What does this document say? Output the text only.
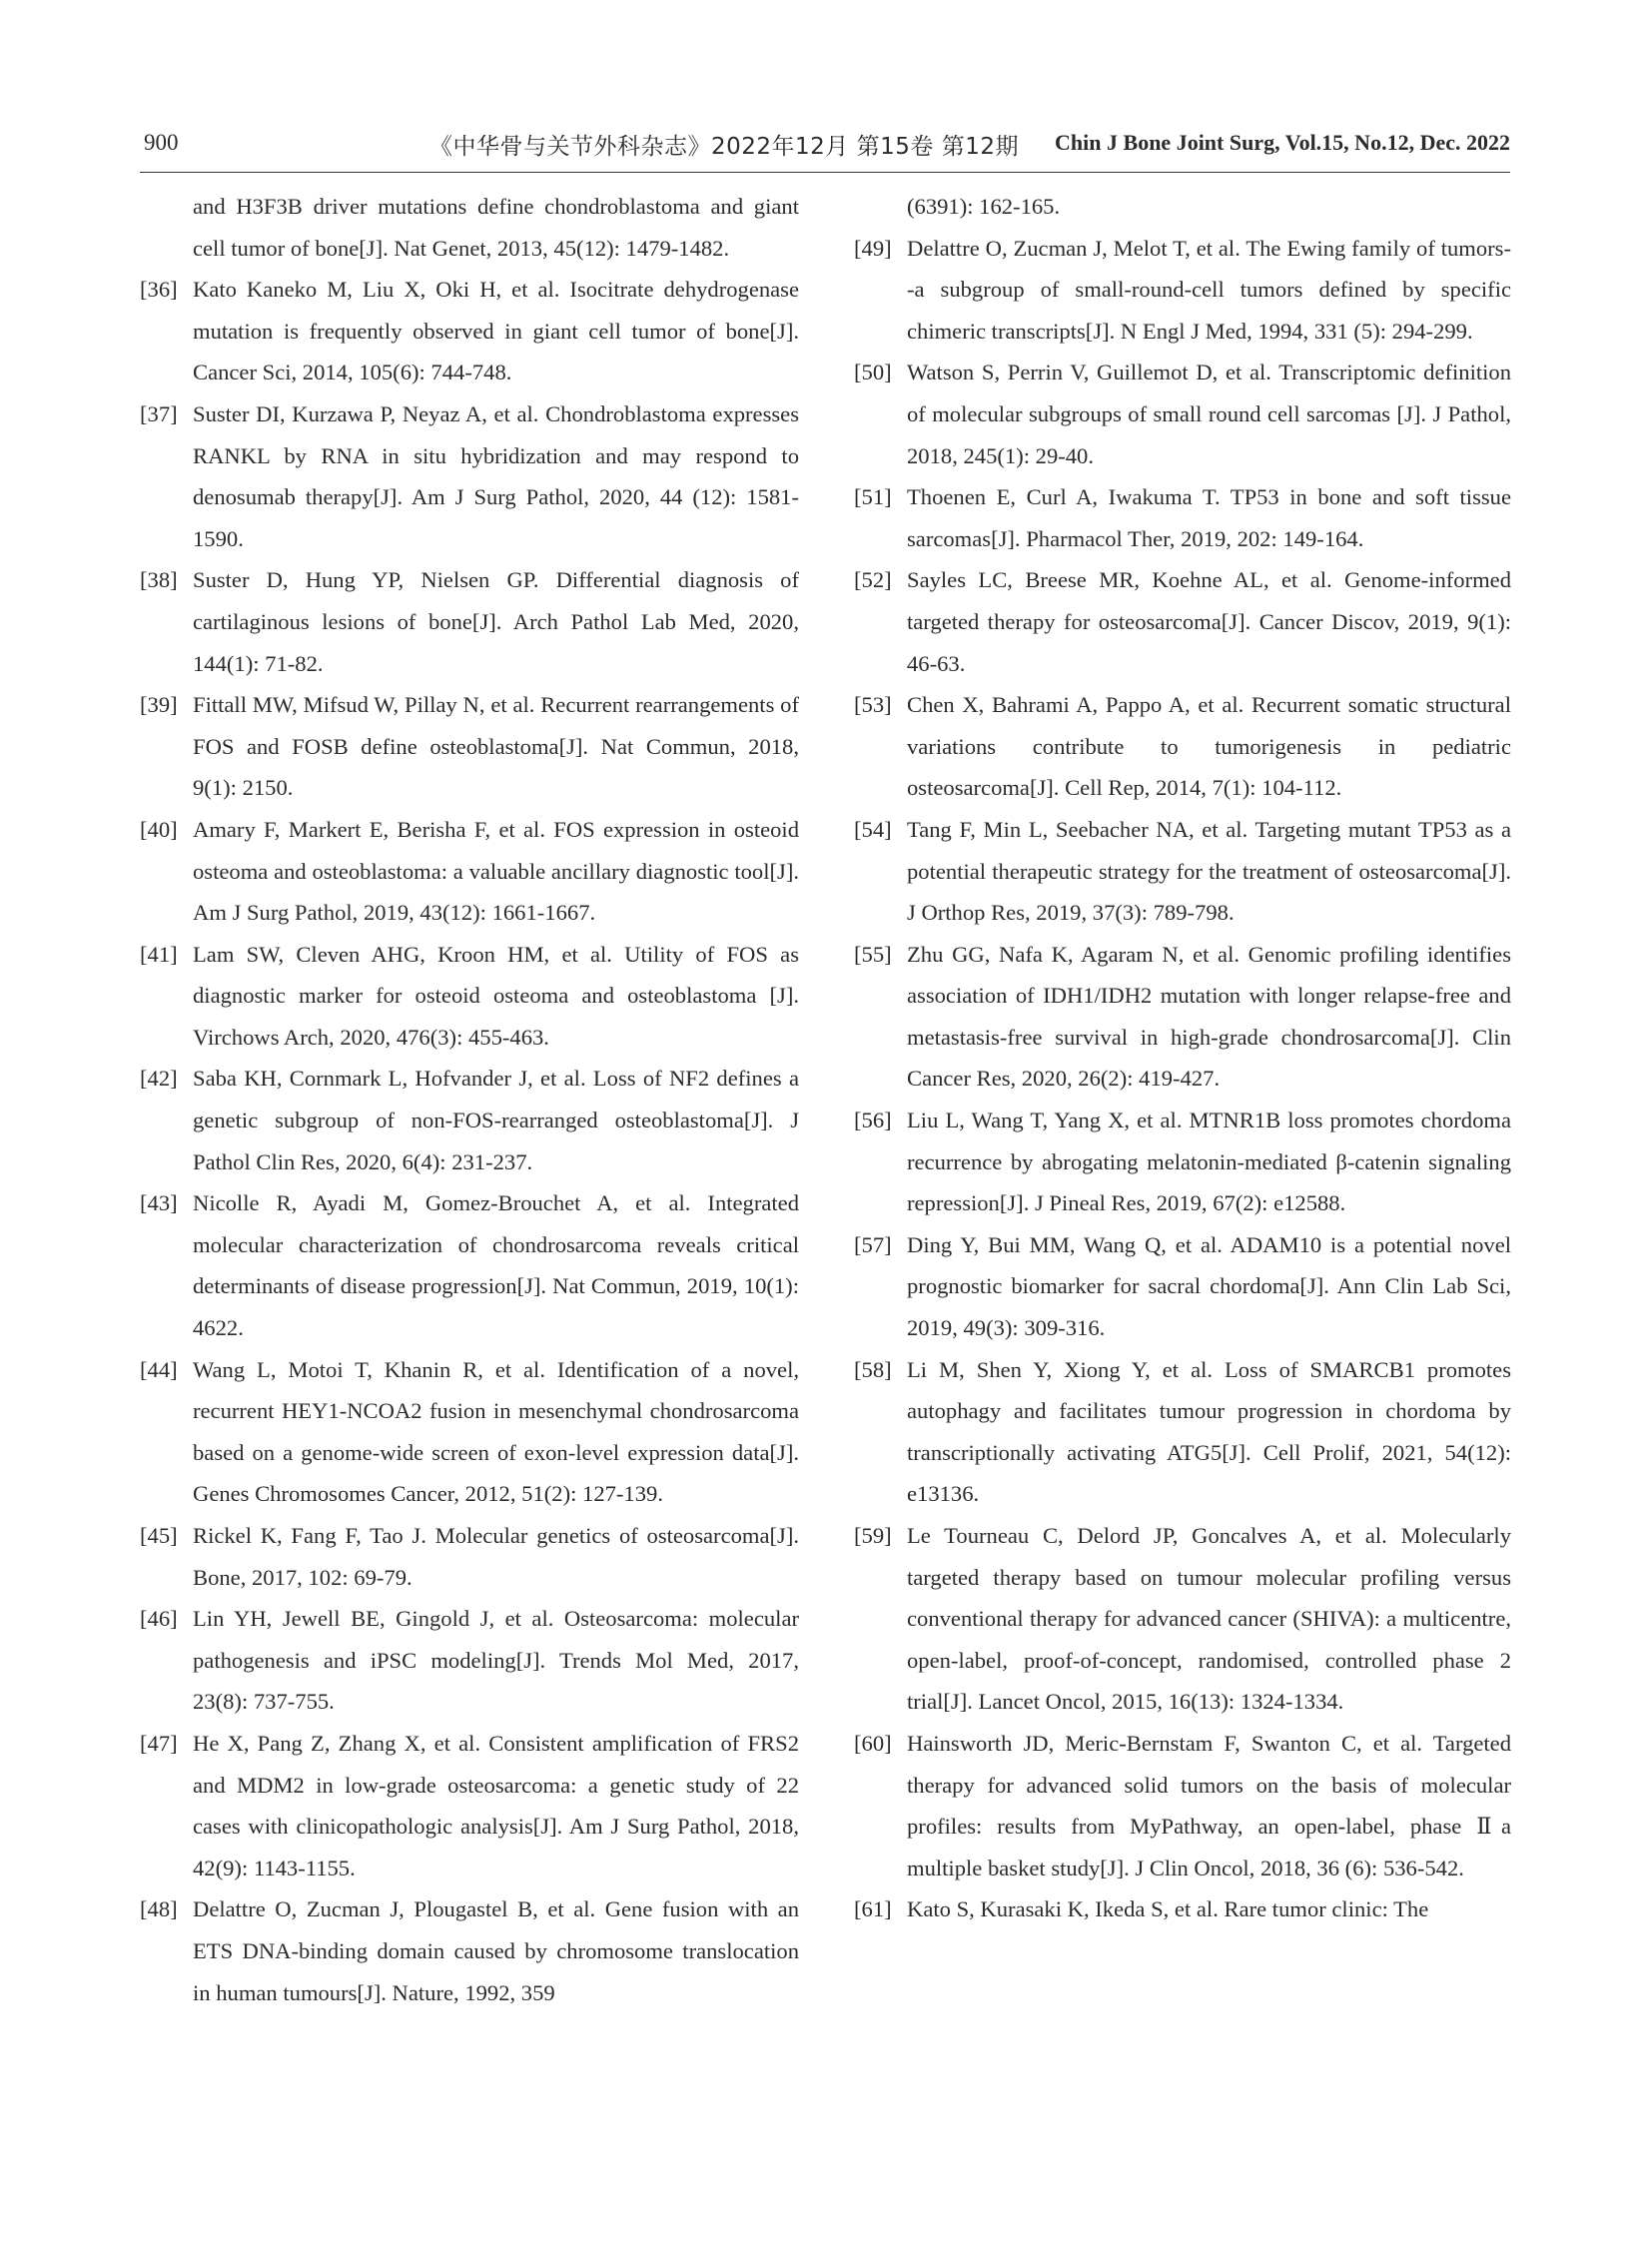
900	《中华骨与关节外科杂志》2022年12月 第15卷 第12期 Chin J Bone Joint Surg, Vol.15, No.12, Dec. 2022
and H3F3B driver mutations define chondroblastoma and giant cell tumor of bone[J]. Nat Genet, 2013, 45(12): 1479-1482.
[36] Kato Kaneko M, Liu X, Oki H, et al. Isocitrate dehydrogenase mutation is frequently observed in giant cell tumor of bone[J]. Cancer Sci, 2014, 105(6): 744-748.
[37] Suster DI, Kurzawa P, Neyaz A, et al. Chondroblastoma expresses RANKL by RNA in situ hybridization and may respond to denosumab therapy[J]. Am J Surg Pathol, 2020, 44 (12): 1581-1590.
[38] Suster D, Hung YP, Nielsen GP. Differential diagnosis of cartilaginous lesions of bone[J]. Arch Pathol Lab Med, 2020, 144(1): 71-82.
[39] Fittall MW, Mifsud W, Pillay N, et al. Recurrent rearrangements of FOS and FOSB define osteoblastoma[J]. Nat Commun, 2018, 9(1): 2150.
[40] Amary F, Markert E, Berisha F, et al. FOS expression in osteoid osteoma and osteoblastoma: a valuable ancillary diagnostic tool[J]. Am J Surg Pathol, 2019, 43(12): 1661-1667.
[41] Lam SW, Cleven AHG, Kroon HM, et al. Utility of FOS as diagnostic marker for osteoid osteoma and osteoblastoma [J]. Virchows Arch, 2020, 476(3): 455-463.
[42] Saba KH, Cornmark L, Hofvander J, et al. Loss of NF2 defines a genetic subgroup of non-FOS-rearranged osteoblastoma[J]. J Pathol Clin Res, 2020, 6(4): 231-237.
[43] Nicolle R, Ayadi M, Gomez-Brouchet A, et al. Integrated molecular characterization of chondrosarcoma reveals critical determinants of disease progression[J]. Nat Commun, 2019, 10(1): 4622.
[44] Wang L, Motoi T, Khanin R, et al. Identification of a novel, recurrent HEY1-NCOA2 fusion in mesenchymal chondrosarcoma based on a genome-wide screen of exon-level expression data[J]. Genes Chromosomes Cancer, 2012, 51(2): 127-139.
[45] Rickel K, Fang F, Tao J. Molecular genetics of osteosarcoma[J]. Bone, 2017, 102: 69-79.
[46] Lin YH, Jewell BE, Gingold J, et al. Osteosarcoma: molecular pathogenesis and iPSC modeling[J]. Trends Mol Med, 2017, 23(8): 737-755.
[47] He X, Pang Z, Zhang X, et al. Consistent amplification of FRS2 and MDM2 in low-grade osteosarcoma: a genetic study of 22 cases with clinicopathologic analysis[J]. Am J Surg Pathol, 2018, 42(9): 1143-1155.
[48] Delattre O, Zucman J, Plougastel B, et al. Gene fusion with an ETS DNA-binding domain caused by chromosome translocation in human tumours[J]. Nature, 1992, 359
(6391): 162-165.
[49] Delattre O, Zucman J, Melot T, et al. The Ewing family of tumors--a subgroup of small-round-cell tumors defined by specific chimeric transcripts[J]. N Engl J Med, 1994, 331 (5): 294-299.
[50] Watson S, Perrin V, Guillemot D, et al. Transcriptomic definition of molecular subgroups of small round cell sarcomas [J]. J Pathol, 2018, 245(1): 29-40.
[51] Thoenen E, Curl A, Iwakuma T. TP53 in bone and soft tissue sarcomas[J]. Pharmacol Ther, 2019, 202: 149-164.
[52] Sayles LC, Breese MR, Koehne AL, et al. Genome-informed targeted therapy for osteosarcoma[J]. Cancer Discov, 2019, 9(1): 46-63.
[53] Chen X, Bahrami A, Pappo A, et al. Recurrent somatic structural variations contribute to tumorigenesis in pediatric osteosarcoma[J]. Cell Rep, 2014, 7(1): 104-112.
[54] Tang F, Min L, Seebacher NA, et al. Targeting mutant TP53 as a potential therapeutic strategy for the treatment of osteosarcoma[J]. J Orthop Res, 2019, 37(3): 789-798.
[55] Zhu GG, Nafa K, Agaram N, et al. Genomic profiling identifies association of IDH1/IDH2 mutation with longer relapse-free and metastasis-free survival in high-grade chondrosarcoma[J]. Clin Cancer Res, 2020, 26(2): 419-427.
[56] Liu L, Wang T, Yang X, et al. MTNR1B loss promotes chordoma recurrence by abrogating melatonin-mediated β-catenin signaling repression[J]. J Pineal Res, 2019, 67(2): e12588.
[57] Ding Y, Bui MM, Wang Q, et al. ADAM10 is a potential novel prognostic biomarker for sacral chordoma[J]. Ann Clin Lab Sci, 2019, 49(3): 309-316.
[58] Li M, Shen Y, Xiong Y, et al. Loss of SMARCB1 promotes autophagy and facilitates tumour progression in chordoma by transcriptionally activating ATG5[J]. Cell Prolif, 2021, 54(12): e13136.
[59] Le Tourneau C, Delord JP, Goncalves A, et al. Molecularly targeted therapy based on tumour molecular profiling versus conventional therapy for advanced cancer (SHIVA): a multicentre, open-label, proof-of-concept, randomised, controlled phase 2 trial[J]. Lancet Oncol, 2015, 16(13): 1324-1334.
[60] Hainsworth JD, Meric-Bernstam F, Swanton C, et al. Targeted therapy for advanced solid tumors on the basis of molecular profiles: results from MyPathway, an open-label, phase Ⅱa multiple basket study[J]. J Clin Oncol, 2018, 36 (6): 536-542.
[61] Kato S, Kurasaki K, Ikeda S, et al. Rare tumor clinic: The
